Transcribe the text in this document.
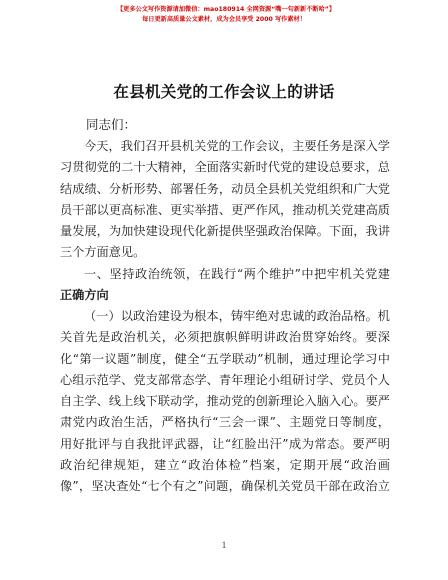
【更多公文写作资源请加微信：mao180914 全网资源“嘴一句新新不断哈”】
每日更新高质量公文素材，成为会员享受 2000 写作素材！
在县机关党的工作会议上的讲话
同志们：
今天，我们召开县机关党的工作会议，主要任务是深入学
习贯彻党的二十大精神，全面落实新时代党的建设总要求，总
结成绩、分析形势、部署任务，动员全县机关党组织和广大党
员干部以更高标准、更实举措、更严作风，推动机关党建高质
量发展，为加快建设现代化新提供坚强政治保障。下面，我讲
三个方面意见。
一、坚持政治统领，在践行“两个维护”中把牢机关党建
正确方向
（一）以政治建设为根本，铸牢绝对忠诚的政治品格。机
关首先是政治机关，必须把旗帜鲜明讲政治贯穿始终。要深
化“第一议题”制度，健全“五学联动”机制，通过理论学习中
心组示范学、党支部常态学、青年理论小组研讨学、党员个人
自主学、线上线下联动学，推动党的创新理论入脑入心。要严
肃党内政治生活，严格执行“三会一课”、主题党日等制度，
用好批评与自我批评武器，让“红脸出汗”成为常态。要严明
政治纪律规矩，建立“政治体检”档案，定期开展“政治画
像”，坚决查处“七个有之”问题，确保机关党员干部在政治立
1
